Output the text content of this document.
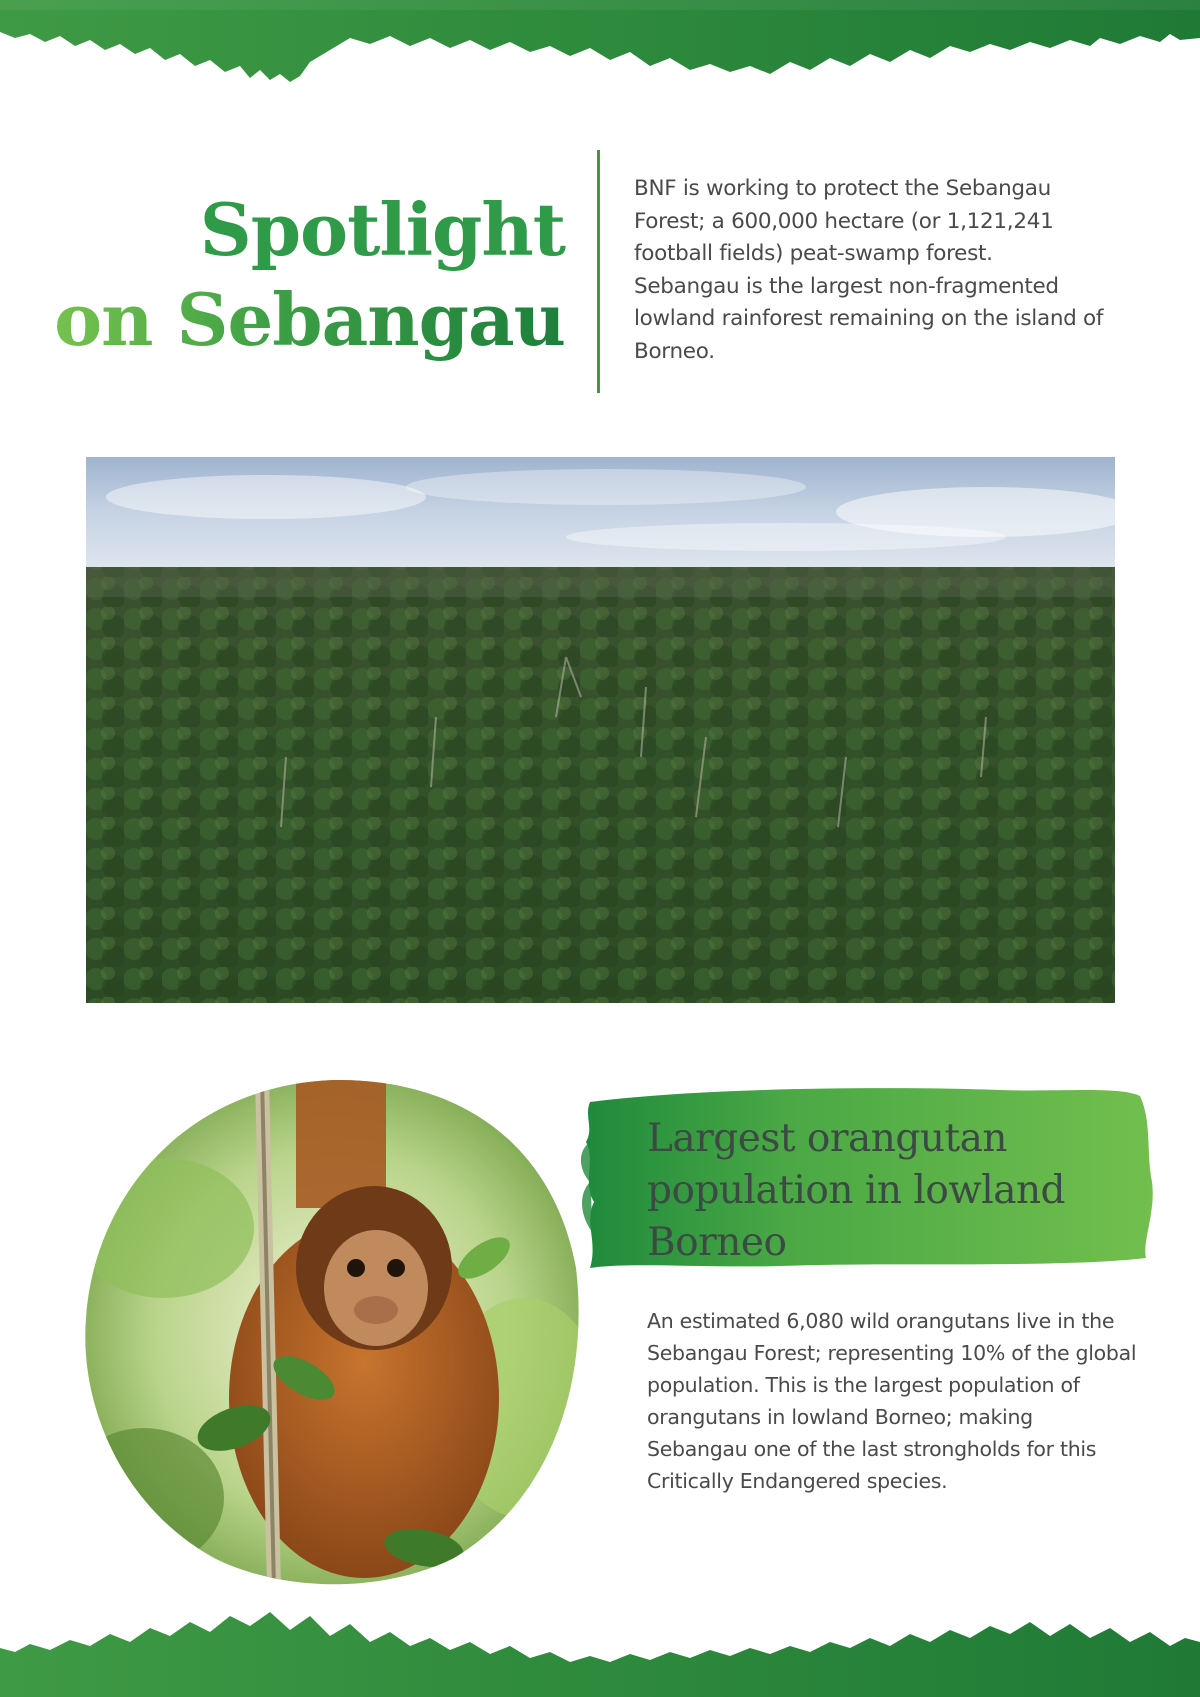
Spotlight
on Sebangau

BNF is working to protect the Sebangau Forest; a 600,000 hectare (or 1,121,241 football fields) peat-swamp forest. Sebangau is the largest non-fragmented lowland rainforest remaining on the island of Borneo.

Largest orangutan
population in lowland
Borneo

An estimated 6,080 wild orangutans live in the Sebangau Forest; representing 10% of the global population. This is the largest population of orangutans in lowland Borneo; making Sebangau one of the last strongholds for this Critically Endangered species.
